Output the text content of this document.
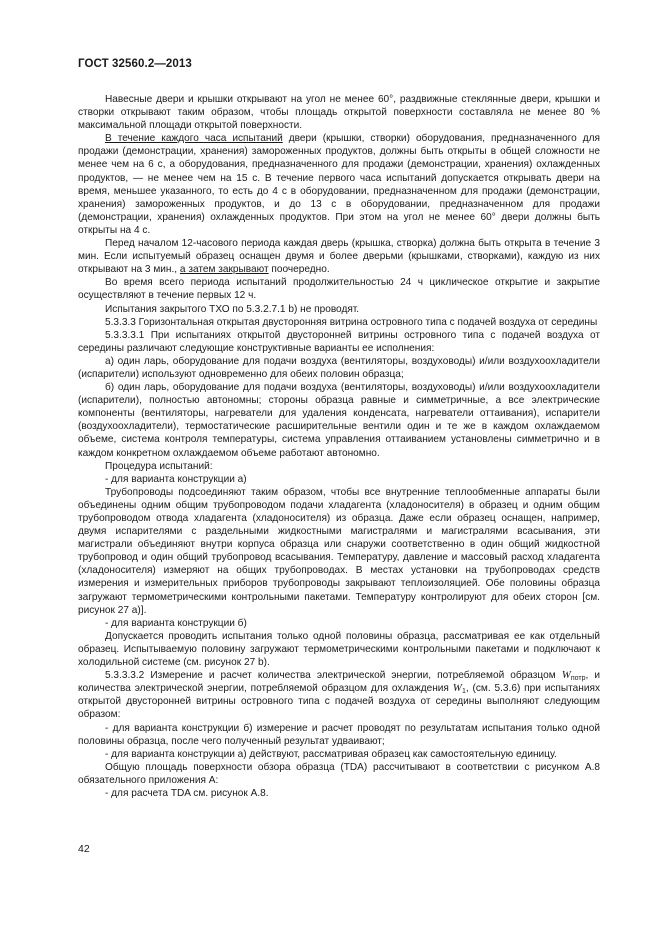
ГОСТ 32560.2—2013

Навесные двери и крышки открывают на угол не менее 60°, раздвижные стеклянные двери, крышки и створки открывают таким образом, чтобы площадь открытой поверхности составляла не менее 80 % максимальной площади открытой поверхности.

В течение каждого часа испытаний двери (крышки, створки) оборудования, предназначенного для продажи (демонстрации, хранения) замороженных продуктов, должны быть открыты в общей сложности не менее чем на 6 с, а оборудования, предназначенного для продажи (демонстрации, хранения) охлажденных продуктов, — не менее чем на 15 с. В течение первого часа испытаний допускается открывать двери на время, меньшее указанного, то есть до 4 с в оборудовании, предназначенном для продажи (демонстрации, хранения) замороженных продуктов, и до 13 с в оборудовании, предназначенном для продажи (демонстрации, хранения) охлажденных продуктов. При этом на угол не менее 60° двери должны быть открыты на 4 с.

Перед началом 12-часового периода каждая дверь (крышка, створка) должна быть открыта в течение 3 мин. Если испытуемый образец оснащен двумя и более дверьми (крышками, створками), каждую из них открывают на 3 мин., а затем закрывают поочередно.

Во время всего периода испытаний продолжительностью 24 ч циклическое открытие и закрытие осуществляют в течение первых 12 ч.

Испытания закрытого ТХО по 5.3.2.7.1 b) не проводят.

5.3.3.3 Горизонтальная открытая двусторонняя витрина островного типа с подачей воздуха от середины

5.3.3.3.1 При испытаниях открытой двусторонней витрины островного типа с подачей воздуха от середины различают следующие конструктивные варианты ее исполнения:

а) один ларь, оборудование для подачи воздуха (вентиляторы, воздуховоды) и/или воздухоохладители (испарители) используют одновременно для обеих половин образца;

б) один ларь, оборудование для подачи воздуха (вентиляторы, воздуховоды) и/или воздухоохладители (испарители), полностью автономны; стороны образца равные и симметричные, а все электрические компоненты (вентиляторы, нагреватели для удаления конденсата, нагреватели оттаивания), испарители (воздухоохладители), термостатические расширительные вентили один и те же в каждом охлаждаемом объеме, система контроля температуры, система управления оттаиванием установлены симметрично и в каждом конкретном охлаждаемом объеме работают автономно.

Процедура испытаний:

- для варианта конструкции а)

Трубопроводы подсоединяют таким образом, чтобы все внутренние теплообменные аппараты были объединены одним общим трубопроводом подачи хладагента (хладоносителя) в образец и одним общим трубопроводом отвода хладагента (хладоносителя) из образца. Даже если образец оснащен, например, двумя испарителями с раздельными жидкостными магистралями и магистралями всасывания, эти магистрали объединяют внутри корпуса образца или снаружи соответственно в один общий жидкостной трубопровод и один общий трубопровод всасывания. Температуру, давление и массовый расход хладагента (хладоносителя) измеряют на общих трубопроводах. В местах установки на трубопроводах средств измерения и измерительных приборов трубопроводы закрывают теплоизоляцией. Обе половины образца загружают термометрическими контрольными пакетами. Температуру контролируют для обеих сторон [см. рисунок 27 а)].

- для варианта конструкции б)

Допускается проводить испытания только одной половины образца, рассматривая ее как отдельный образец. Испытываемую половину загружают термометрическими контрольными пакетами и подключают к холодильной системе (см. рисунок 27 b).

5.3.3.3.2 Измерение и расчет количества электрической энергии, потребляемой образцом $W_{потр}$, и количества электрической энергии, потребляемой образцом для охлаждения $W_1$, (см. 5.3.6) при испытаниях открытой двусторонней витрины островного типа с подачей воздуха от середины выполняют следующим образом:

- для варианта конструкции б) измерение и расчет проводят по результатам испытания только одной половины образца, после чего полученный результат удваивают;

- для варианта конструкции а) действуют, рассматривая образец как самостоятельную единицу.

Общую площадь поверхности обзора образца (TDA) рассчитывают в соответствии с рисунком А.8 обязательного приложения А:

- для расчета TDA см. рисунок А.8.

42
